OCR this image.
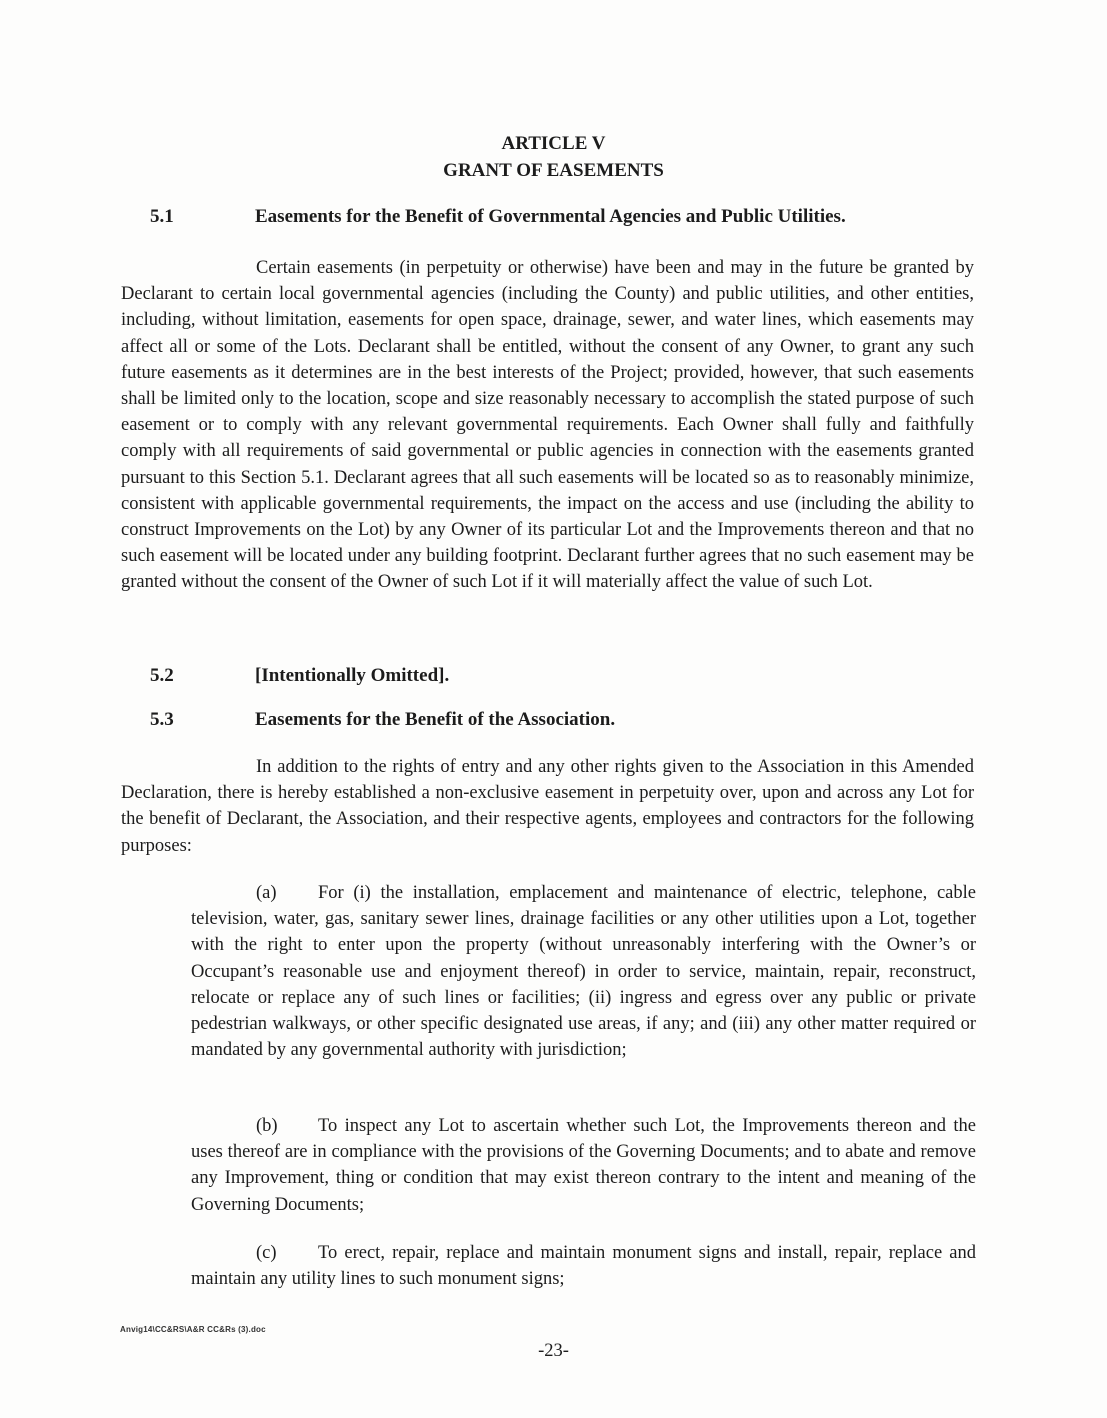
ARTICLE V
GRANT OF EASEMENTS
5.1	Easements for the Benefit of Governmental Agencies and Public Utilities.

Certain easements (in perpetuity or otherwise) have been and may in the future be granted by Declarant to certain local governmental agencies (including the County) and public utilities, and other entities, including, without limitation, easements for open space, drainage, sewer, and water lines, which easements may affect all or some of the Lots. Declarant shall be entitled, without the consent of any Owner, to grant any such future easements as it determines are in the best interests of the Project; provided, however, that such easements shall be limited only to the location, scope and size reasonably necessary to accomplish the stated purpose of such easement or to comply with any relevant governmental requirements. Each Owner shall fully and faithfully comply with all requirements of said governmental or public agencies in connection with the easements granted pursuant to this Section 5.1. Declarant agrees that all such easements will be located so as to reasonably minimize, consistent with applicable governmental requirements, the impact on the access and use (including the ability to construct Improvements on the Lot) by any Owner of its particular Lot and the Improvements thereon and that no such easement will be located under any building footprint. Declarant further agrees that no such easement may be granted without the consent of the Owner of such Lot if it will materially affect the value of such Lot.

5.2	[Intentionally Omitted].
5.3	Easements for the Benefit of the Association.

In addition to the rights of entry and any other rights given to the Association in this Amended Declaration, there is hereby established a non-exclusive easement in perpetuity over, upon and across any Lot for the benefit of Declarant, the Association, and their respective agents, employees and contractors for the following purposes:

(a) For (i) the installation, emplacement and maintenance of electric, telephone, cable television, water, gas, sanitary sewer lines, drainage facilities or any other utilities upon a Lot, together with the right to enter upon the property (without unreasonably interfering with the Owner’s or Occupant’s reasonable use and enjoyment thereof) in order to service, maintain, repair, reconstruct, relocate or replace any of such lines or facilities; (ii) ingress and egress over any public or private pedestrian walkways, or other specific designated use areas, if any; and (iii) any other matter required or mandated by any governmental authority with jurisdiction;

(b) To inspect any Lot to ascertain whether such Lot, the Improvements thereon and the uses thereof are in compliance with the provisions of the Governing Documents; and to abate and remove any Improvement, thing or condition that may exist thereon contrary to the intent and meaning of the Governing Documents;

(c) To erect, repair, replace and maintain monument signs and install, repair, replace and maintain any utility lines to such monument signs;

Anvig14\CC&RS\A&R CC&Rs (3).doc
-23-
